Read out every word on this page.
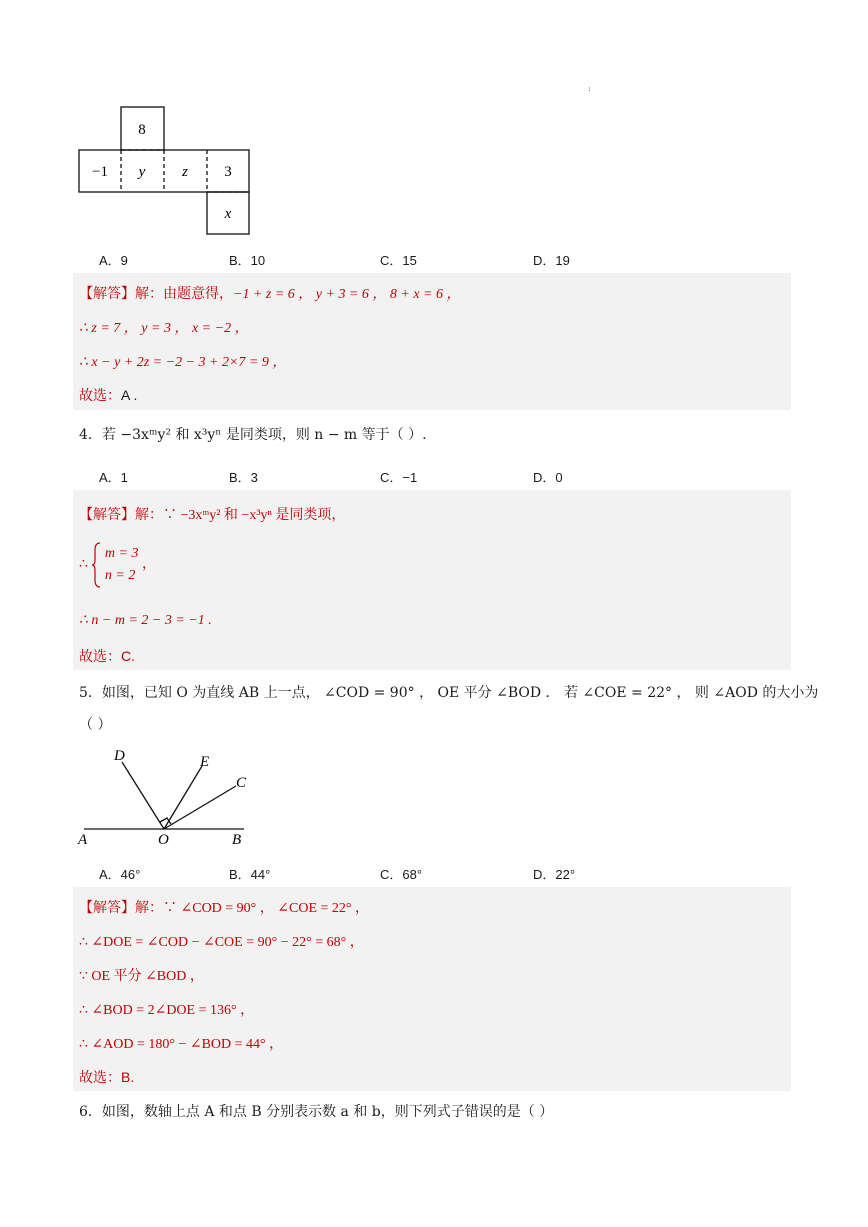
:
8
−1 y z 3
x
A．9	B．10	C．15	D．19
【解答】解：由题意得，−1 + z = 6 ， y + 3 = 6 ， 8 + x = 6 ，
∴ z = 7 ， y = 3 ， x = −2 ，
∴ x − y + 2z = −2 − 3 + 2×7 = 9 ，
故选：A .
4．若 −3xᵐy² 和 x³yⁿ 是同类项，则 n − m 等于（ ）.
A．1	B．3	C．−1	D．0
【解答】解：∵ −3xᵐy² 和 −x³yⁿ 是同类项，
∴  m = 3
n = 2 ，
∴ n − m = 2 − 3 = −1 .
故选：C.
5．如图，已知 O 为直线 AB 上一点， ∠COD = 90° ， OE 平分 ∠BOD ． 若 ∠COE = 22° ， 则 ∠AOD 的大小为
（ ）
A	O	B
C
D	E
A．46°	B．44°	C．68°	D．22°
【解答】解：∵ ∠COD = 90° ， ∠COE = 22° ，
∴ ∠DOE = ∠COD − ∠COE = 90° − 22° = 68° ，
∵ OE 平分 ∠BOD ，
∴ ∠BOD = 2∠DOE = 136° ，
∴ ∠AOD = 180° − ∠BOD = 44° ，
故选：B.
6．如图，数轴上点 A 和点 B 分别表示数 a 和 b，则下列式子错误的是（ ）
